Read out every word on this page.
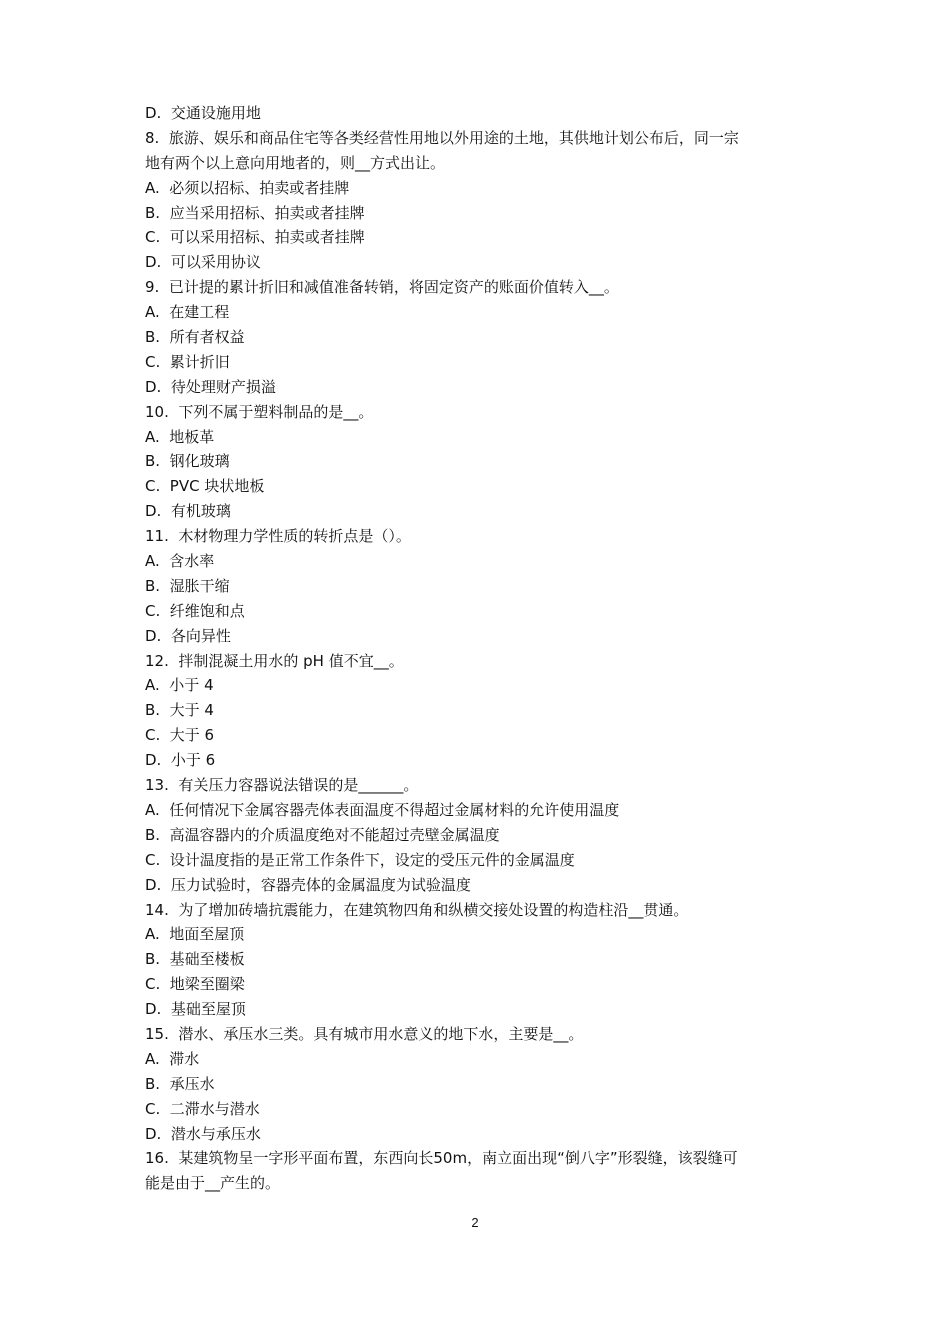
D.  交通设施用地
8.  旅游、娱乐和商品住宅等各类经营性用地以外用途的土地，其供地计划公布后，同一宗
地有两个以上意向用地者的，则__方式出让。
A.  必须以招标、拍卖或者挂牌
B.  应当采用招标、拍卖或者挂牌
C.  可以采用招标、拍卖或者挂牌
D.  可以采用协议
9.  已计提的累计折旧和减值准备转销，将固定资产的账面价值转入__。
A.  在建工程
B.  所有者权益
C.  累计折旧
D.  待处理财产损溢
10.  下列不属于塑料制品的是__。
A.  地板革
B.  钢化玻璃
C.  PVC 块状地板
D.  有机玻璃
11.  木材物理力学性质的转折点是（）。
A.  含水率
B.  湿胀干缩
C.  纤维饱和点
D.  各向异性
12.  拌制混凝土用水的 pH 值不宜__。
A.  小于 4
B.  大于 4
C.  大于 6
D.  小于 6
13.  有关压力容器说法错误的是______。
A.  任何情况下金属容器壳体表面温度不得超过金属材料的允许使用温度
B.  高温容器内的介质温度绝对不能超过壳壁金属温度
C.  设计温度指的是正常工作条件下，设定的受压元件的金属温度
D.  压力试验时，容器壳体的金属温度为试验温度
14.  为了增加砖墙抗震能力，在建筑物四角和纵横交接处设置的构造柱沿__贯通。
A.  地面至屋顶
B.  基础至楼板
C.  地梁至圈梁
D.  基础至屋顶
15.  潜水、承压水三类。具有城市用水意义的地下水，主要是__。
A.  滞水
B.  承压水
C.  二滞水与潜水
D.  潜水与承压水
16.  某建筑物呈一字形平面布置，东西向长50m，南立面出现“倒八字”形裂缝，该裂缝可
能是由于__产生的。
2
